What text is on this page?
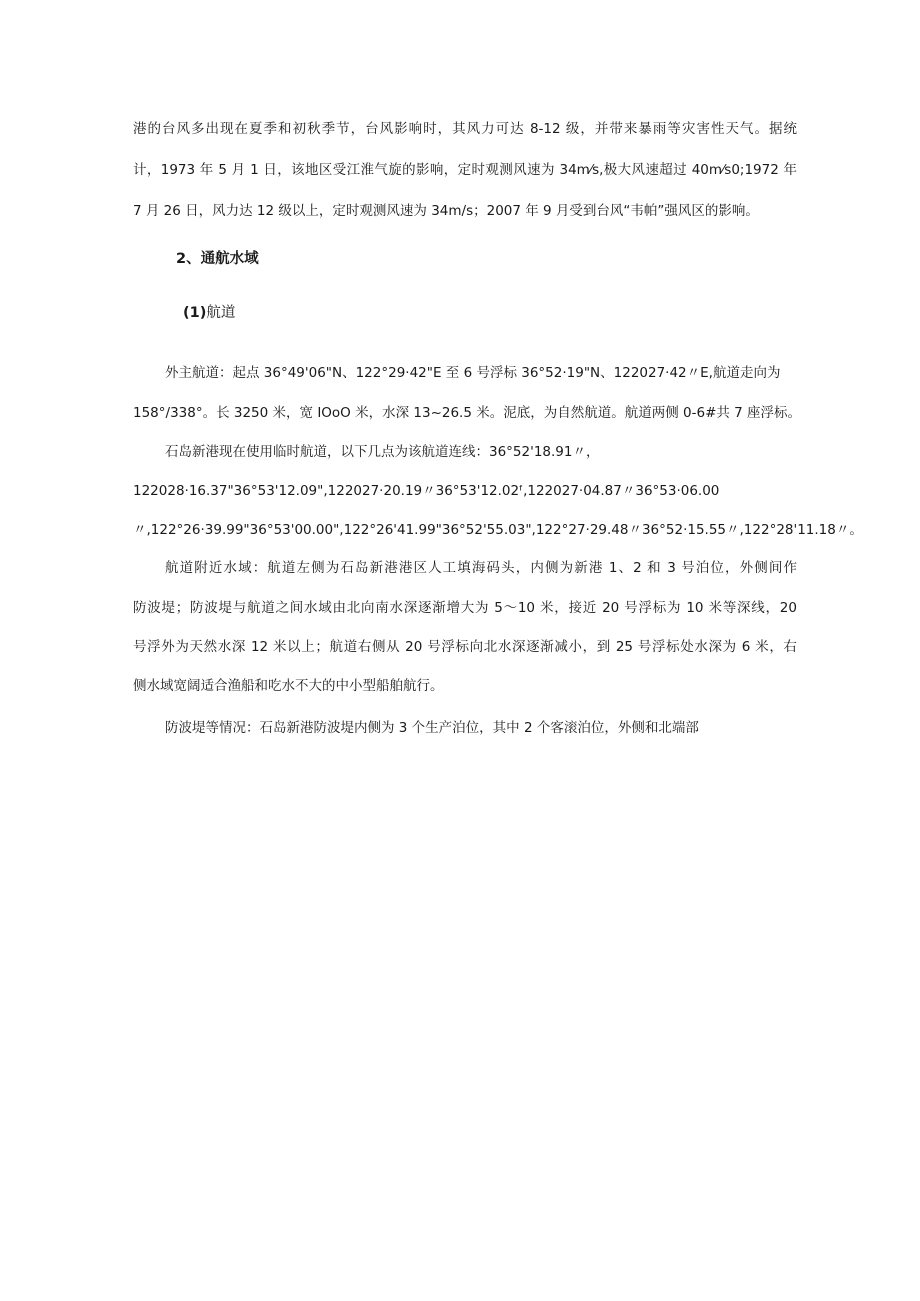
港的台风多出现在夏季和初秋季节，台风影响时，其风力可达 8-12 级，并带来暴雨等灾害性天气。据统
计，1973 年 5 月 1 日，该地区受江淮气旋的影响，定时观测风速为 34m⁄s,极大风速超过 40m⁄s0;1972 年
7 月 26 日，风力达 12 级以上，定时观测风速为 34m/s；2007 年 9 月受到台风“韦帕”强风区的影响。
2、通航水域
(1)航道
外主航道：起点 36°49'06"N、122°29·42"E 至 6 号浮标 36°52·19"N、122027·42〃E,航道走向为
158°/338°。长 3250 米，宽 IOoO 米，水深 13~26.5 米。泥底，为自然航道。航道两侧 0-6#共 7 座浮标。
石岛新港现在使用临时航道，以下几点为该航道连线：36°52'18.91〃，
122028·16.37"36°53'12.09",122027·20.19〃36°53'12.02ᶠ,122027·04.87〃36°53·06.00
〃,122°26·39.99"36°53'00.00",122°26'41.99"36°52'55.03",122°27·29.48〃36°52·15.55〃,122°28'11.18〃。
航道附近水域：航道左侧为石岛新港港区人工填海码头，内侧为新港 1、2 和 3 号泊位，外侧间作
防波堤；防波堤与航道之间水域由北向南水深逐渐增大为 5～10 米，接近 20 号浮标为 10 米等深线，20
号浮外为天然水深 12 米以上；航道右侧从 20 号浮标向北水深逐渐减小，到 25 号浮标处水深为 6 米，右
侧水域宽阔适合渔船和吃水不大的中小型船舶航行。
防波堤等情况：石岛新港防波堤内侧为 3 个生产泊位，其中 2 个客滚泊位，外侧和北端部
